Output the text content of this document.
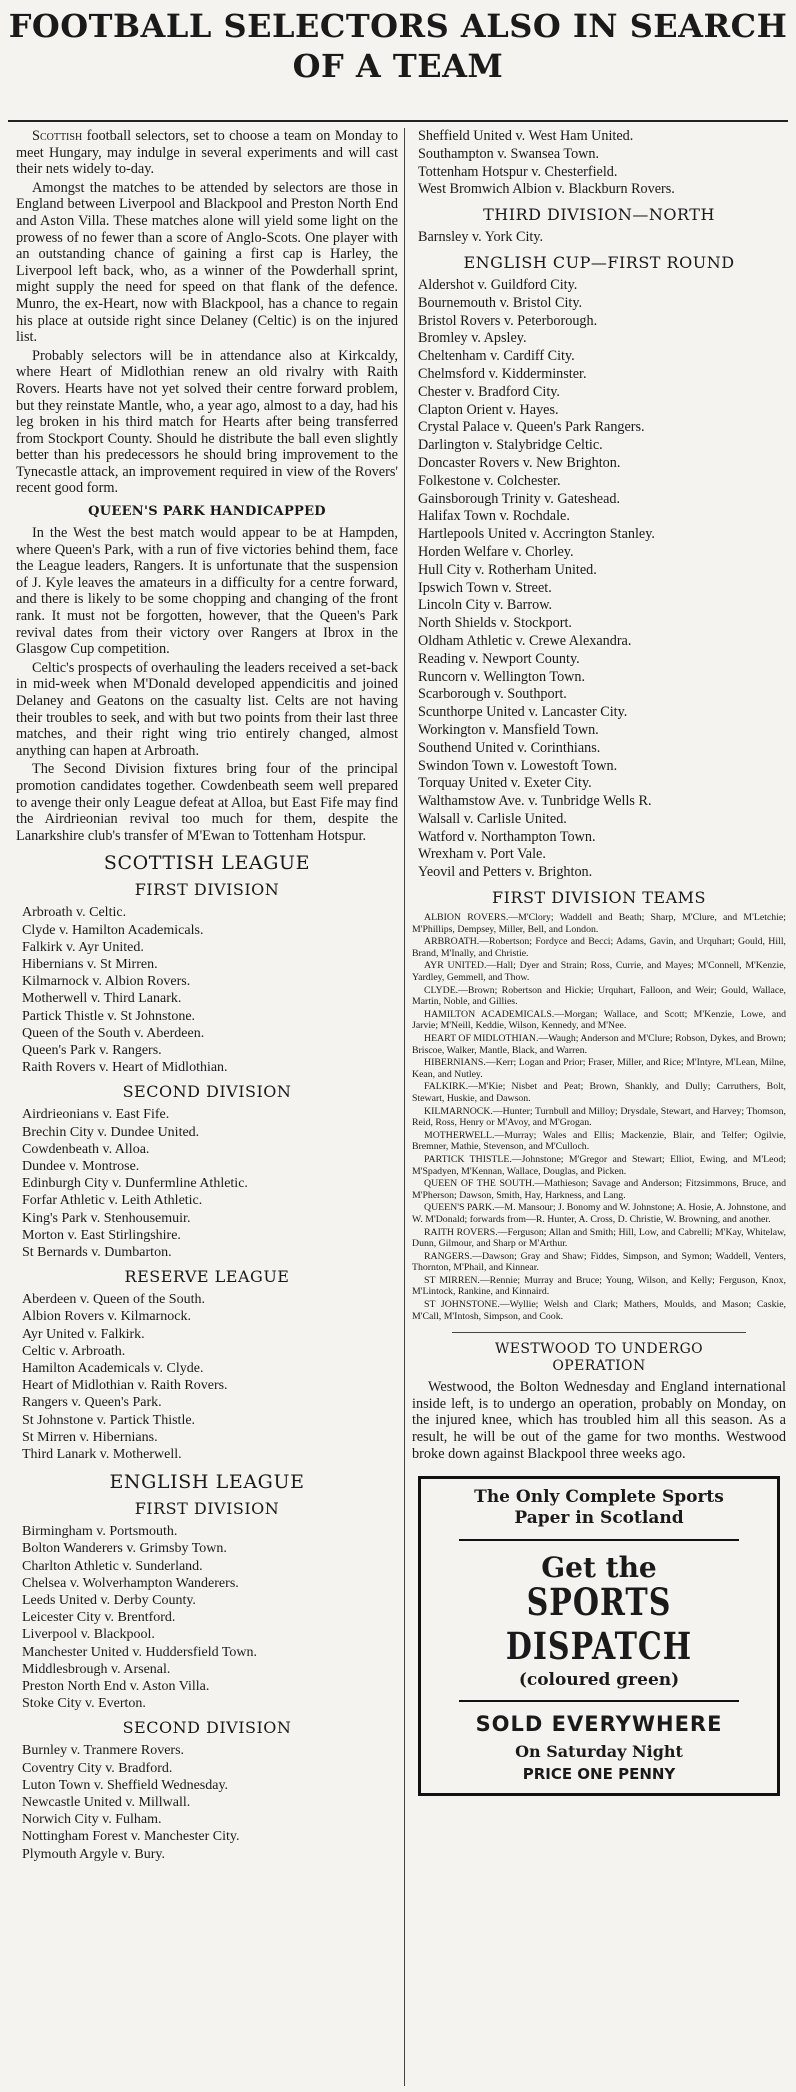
FOOTBALL SELECTORS ALSO IN SEARCH
OF A TEAM

Scottish football selectors, set to choose a team on Monday to meet Hungary, may indulge in several experiments and will cast their nets widely to-day.

Amongst the matches to be attended by selectors are those in England between Liverpool and Blackpool and Preston North End and Aston Villa. These matches alone will yield some light on the prowess of no fewer than a score of Anglo-Scots. One player with an outstanding chance of gaining a first cap is Harley, the Liverpool left back, who, as a winner of the Powderhall sprint, might supply the need for speed on that flank of the defence. Munro, the ex-Heart, now with Blackpool, has a chance to regain his place at outside right since Delaney (Celtic) is on the injured list.

Probably selectors will be in attendance also at Kirkcaldy, where Heart of Midlothian renew an old rivalry with Raith Rovers. Hearts have not yet solved their centre forward problem, but they reinstate Mantle, who, a year ago, almost to a day, had his leg broken in his third match for Hearts after being transferred from Stockport County. Should he distribute the ball even slightly better than his predecessors he should bring improvement to the Tynecastle attack, an improvement required in view of the Rovers' recent good form.

QUEEN'S PARK HANDICAPPED

In the West the best match would appear to be at Hampden, where Queen's Park, with a run of five victories behind them, face the League leaders, Rangers. It is unfortunate that the suspension of J. Kyle leaves the amateurs in a difficulty for a centre forward, and there is likely to be some chopping and changing of the front rank. It must not be forgotten, however, that the Queen's Park revival dates from their victory over Rangers at Ibrox in the Glasgow Cup competition.

Celtic's prospects of overhauling the leaders received a set-back in mid-week when M'Donald developed appendicitis and joined Delaney and Geatons on the casualty list. Celts are not having their troubles to seek, and with but two points from their last three matches, and their right wing trio entirely changed, almost anything can hapen at Arbroath.

The Second Division fixtures bring four of the principal promotion candidates together. Cowdenbeath seem well prepared to avenge their only League defeat at Alloa, but East Fife may find the Airdrieonian revival too much for them, despite the Lanarkshire club's transfer of M'Ewan to Tottenham Hotspur.

SCOTTISH LEAGUE
FIRST DIVISION
Arbroath v. Celtic.
Clyde v. Hamilton Academicals.
Falkirk v. Ayr United.
Hibernians v. St Mirren.
Kilmarnock v. Albion Rovers.
Motherwell v. Third Lanark.
Partick Thistle v. St Johnstone.
Queen of the South v. Aberdeen.
Queen's Park v. Rangers.
Raith Rovers v. Heart of Midlothian.
SECOND DIVISION
Airdrieonians v. East Fife.
Brechin City v. Dundee United.
Cowdenbeath v. Alloa.
Dundee v. Montrose.
Edinburgh City v. Dunfermline Athletic.
Forfar Athletic v. Leith Athletic.
King's Park v. Stenhousemuir.
Morton v. East Stirlingshire.
St Bernards v. Dumbarton.
RESERVE LEAGUE
Aberdeen v. Queen of the South.
Albion Rovers v. Kilmarnock.
Ayr United v. Falkirk.
Celtic v. Arbroath.
Hamilton Academicals v. Clyde.
Heart of Midlothian v. Raith Rovers.
Rangers v. Queen's Park.
St Johnstone v. Partick Thistle.
St Mirren v. Hibernians.
Third Lanark v. Motherwell.
ENGLISH LEAGUE
FIRST DIVISION
Birmingham v. Portsmouth.
Bolton Wanderers v. Grimsby Town.
Charlton Athletic v. Sunderland.
Chelsea v. Wolverhampton Wanderers.
Leeds United v. Derby County.
Leicester City v. Brentford.
Liverpool v. Blackpool.
Manchester United v. Huddersfield Town.
Middlesbrough v. Arsenal.
Preston North End v. Aston Villa.
Stoke City v. Everton.
SECOND DIVISION
Burnley v. Tranmere Rovers.
Coventry City v. Bradford.
Luton Town v. Sheffield Wednesday.
Newcastle United v. Millwall.
Norwich City v. Fulham.
Nottingham Forest v. Manchester City.
Plymouth Argyle v. Bury.
Sheffield United v. West Ham United.
Southampton v. Swansea Town.
Tottenham Hotspur v. Chesterfield.
West Bromwich Albion v. Blackburn Rovers.
THIRD DIVISION—NORTH
Barnsley v. York City.
ENGLISH CUP—FIRST ROUND
Aldershot v. Guildford City.
Bournemouth v. Bristol City.
Bristol Rovers v. Peterborough.
Bromley v. Apsley.
Cheltenham v. Cardiff City.
Chelmsford v. Kidderminster.
Chester v. Bradford City.
Clapton Orient v. Hayes.
Crystal Palace v. Queen's Park Rangers.
Darlington v. Stalybridge Celtic.
Doncaster Rovers v. New Brighton.
Folkestone v. Colchester.
Gainsborough Trinity v. Gateshead.
Halifax Town v. Rochdale.
Hartlepools United v. Accrington Stanley.
Horden Welfare v. Chorley.
Hull City v. Rotherham United.
Ipswich Town v. Street.
Lincoln City v. Barrow.
North Shields v. Stockport.
Oldham Athletic v. Crewe Alexandra.
Reading v. Newport County.
Runcorn v. Wellington Town.
Scarborough v. Southport.
Scunthorpe United v. Lancaster City.
Workington v. Mansfield Town.
Southend United v. Corinthians.
Swindon Town v. Lowestoft Town.
Torquay United v. Exeter City.
Walthamstow Ave. v. Tunbridge Wells R.
Walsall v. Carlisle United.
Watford v. Northampton Town.
Wrexham v. Port Vale.
Yeovil and Petters v. Brighton.
FIRST DIVISION TEAMS

ALBION ROVERS.—M'Clory; Waddell and Beath; Sharp, M'Clure, and M'Letchie; M'Phillips, Dempsey, Miller, Bell, and London.

ARBROATH.—Robertson; Fordyce and Becci; Adams, Gavin, and Urquhart; Gould, Hill, Brand, M'Inally, and Christie.

AYR UNITED.—Hall; Dyer and Strain; Ross, Currie, and Mayes; M'Connell, M'Kenzie, Yardley, Gemmell, and Thow.

CLYDE.—Brown; Robertson and Hickie; Urquhart, Falloon, and Weir; Gould, Wallace, Martin, Noble, and Gillies.

HAMILTON ACADEMICALS.—Morgan; Wallace, and Scott; M'Kenzie, Lowe, and Jarvie; M'Neill, Keddie, Wilson, Kennedy, and M'Nee.

HEART OF MIDLOTHIAN.—Waugh; Anderson and M'Clure; Robson, Dykes, and Brown; Briscoe, Walker, Mantle, Black, and Warren.

HIBERNIANS.—Kerr; Logan and Prior; Fraser, Miller, and Rice; M'Intyre, M'Lean, Milne, Kean, and Nutley.

FALKIRK.—M'Kie; Nisbet and Peat; Brown, Shankly, and Dully; Carruthers, Bolt, Stewart, Huskie, and Dawson.

KILMARNOCK.—Hunter; Turnbull and Milloy; Drysdale, Stewart, and Harvey; Thomson, Reid, Ross, Henry or M'Avoy, and M'Grogan.

MOTHERWELL.—Murray; Wales and Ellis; Mackenzie, Blair, and Telfer; Ogilvie, Bremner, Mathie, Stevenson, and M'Culloch.

PARTICK THISTLE.—Johnstone; M'Gregor and Stewart; Elliot, Ewing, and M'Leod; M'Spadyen, M'Kennan, Wallace, Douglas, and Picken.

QUEEN OF THE SOUTH.—Mathieson; Savage and Anderson; Fitzsimmons, Bruce, and M'Pherson; Dawson, Smith, Hay, Harkness, and Lang.

QUEEN'S PARK.—M. Mansour; J. Bonomy and W. Johnstone; A. Hosie, A. Johnstone, and W. M'Donald; forwards from—R. Hunter, A. Cross, D. Christie, W. Browning, and another.

RAITH ROVERS.—Ferguson; Allan and Smith; Hill, Low, and Cabrelli; M'Kay, Whitelaw, Dunn, Gilmour, and Sharp or M'Arthur.

RANGERS.—Dawson; Gray and Shaw; Fiddes, Simpson, and Symon; Waddell, Venters, Thornton, M'Phail, and Kinnear.

ST MIRREN.—Rennie; Murray and Bruce; Young, Wilson, and Kelly; Ferguson, Knox, M'Lintock, Rankine, and Kinnaird.

ST JOHNSTONE.—Wyllie; Welsh and Clark; Mathers, Moulds, and Mason; Caskie, M'Call, M'Intosh, Simpson, and Cook.

WESTWOOD TO UNDERGO
OPERATION

Westwood, the Bolton Wednesday and England international inside left, is to undergo an operation, probably on Monday, on the injured knee, which has troubled him all this season. As a result, he will be out of the game for two months. Westwood broke down against Blackpool three weeks ago.

The Only Complete Sports
Paper in Scotland
Get the
SPORTS DISPATCH
(coloured green)
SOLD EVERYWHERE
On Saturday Night
PRICE ONE PENNY
